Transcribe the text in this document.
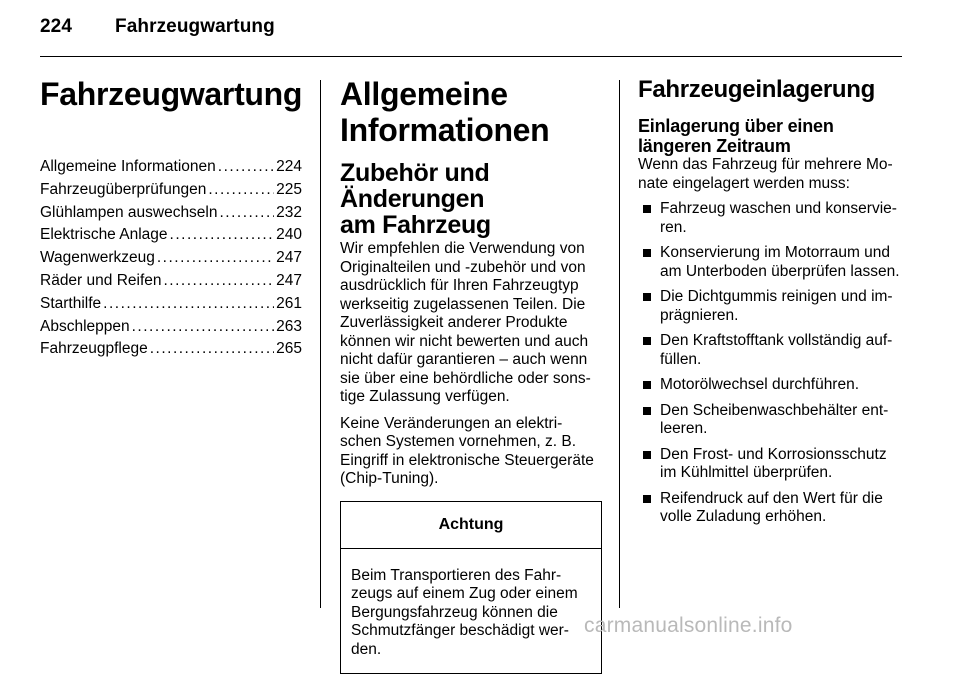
224 Fahrzeugwartung
Fahrzeugwartung
Allgemeine Informationen .....	224
Fahrzeugüberprüfungen .....	225
Glühlampen auswechseln .....	232
Elektrische Anlage .....	240
Wagenwerkzeug .....	247
Räder und Reifen .....	247
Starthilfe .....	261
Abschleppen .....	263
Fahrzeugpflege .....	265
Allgemeine
Informationen
Zubehör und Änderungen
am Fahrzeug

Wir empfehlen die Verwendung von
Originalteilen und -zubehör und von
ausdrücklich für Ihren Fahrzeugtyp
werkseitig zugelassenen Teilen. Die
Zuverlässigkeit anderer Produkte
können wir nicht bewerten und auch
nicht dafür garantieren – auch wenn
sie über eine behördliche oder sons-
tige Zulassung verfügen.

Keine Veränderungen an elektri-
schen Systemen vornehmen, z. B.
Eingriff in elektronische Steuergeräte
(Chip-Tuning).

Achtung
Beim Transportieren des Fahr-
zeugs auf einem Zug oder einem
Bergungsfahrzeug können die
Schmutzfänger beschädigt wer-
den.
Fahrzeugeinlagerung
Einlagerung über einen
längeren Zeitraum

Wenn das Fahrzeug für mehrere Mo-
nate eingelagert werden muss:

Fahrzeug waschen und konservie-
ren.
Konservierung im Motorraum und
am Unterboden überprüfen lassen.
Die Dichtgummis reinigen und im-
prägnieren.
Den Kraftstofftank vollständig auf-
füllen.
Motorölwechsel durchführen.
Den Scheibenwaschbehälter ent-
leeren.
Den Frost- und Korrosionsschutz
im Kühlmittel überprüfen.
Reifendruck auf den Wert für die
volle Zuladung erhöhen.
carmanualsonline.info
